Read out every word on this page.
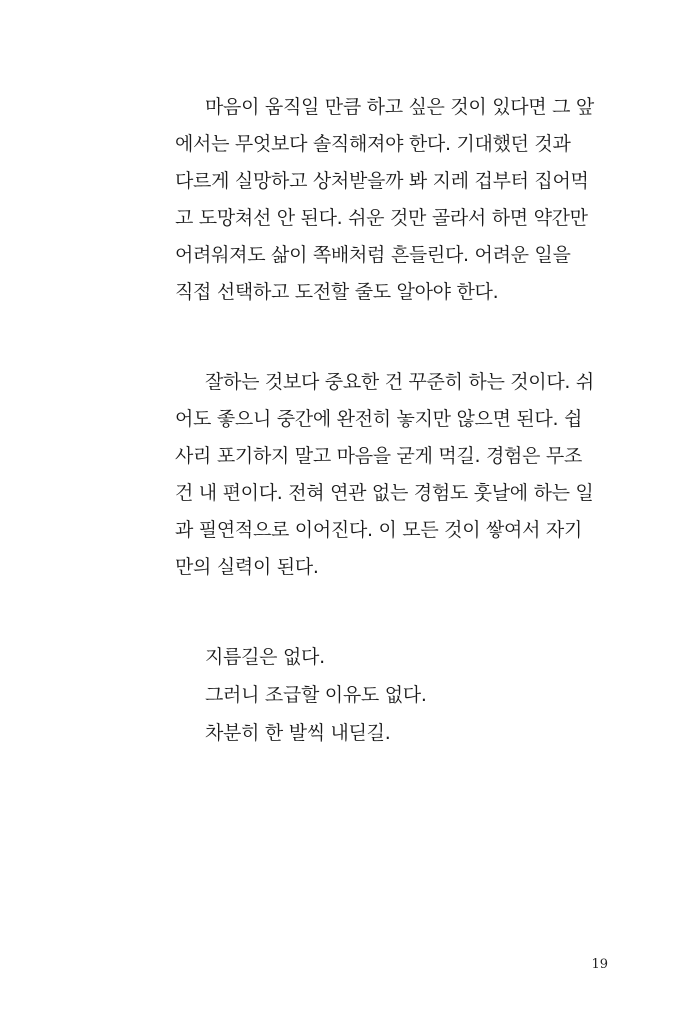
마음이 움직일 만큼 하고 싶은 것이 있다면 그 앞
에서는 무엇보다 솔직해져야 한다. 기대했던 것과
다르게 실망하고 상처받을까 봐 지레 겁부터 집어먹
고 도망쳐선 안 된다. 쉬운 것만 골라서 하면 약간만
어려워져도 삶이 쪽배처럼 흔들린다. 어려운 일을
직접 선택하고 도전할 줄도 알아야 한다.
잘하는 것보다 중요한 건 꾸준히 하는 것이다. 쉬
어도 좋으니 중간에 완전히 놓지만 않으면 된다. 쉽
사리 포기하지 말고 마음을 굳게 먹길. 경험은 무조
건 내 편이다. 전혀 연관 없는 경험도 훗날에 하는 일
과 필연적으로 이어진다. 이 모든 것이 쌓여서 자기
만의 실력이 된다.
지름길은 없다.
그러니 조급할 이유도 없다.
차분히 한 발씩 내딛길.
19
